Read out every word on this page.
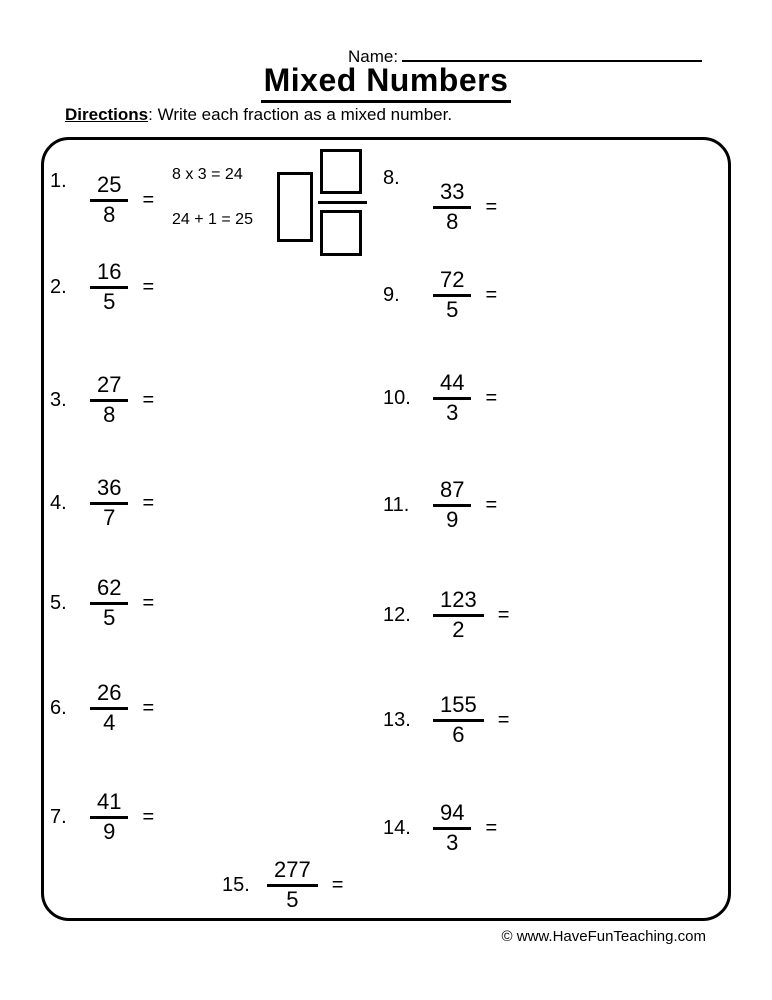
Name:
Mixed Numbers
Directions: Write each fraction as a mixed number.
8 x 3 = 24
24 + 1 = 25
1.	$\frac{25}{8}$ =
2.	$\frac{16}{5}$ =
3.	$\frac{27}{8}$ =
4.	$\frac{36}{7}$ =
5.	$\frac{62}{5}$ =
6.	$\frac{26}{4}$ =
7.	$\frac{41}{9}$ =
8.
$\frac{33}{8}$ =
9.	$\frac{72}{5}$ =
10.	$\frac{44}{3}$ =
11.	$\frac{87}{9}$ =
12.	$\frac{123}{2}$ =
13.	$\frac{155}{6}$ =
14.	$\frac{94}{3}$ =
15. $\frac{277}{5}$ =
© www.HaveFunTeaching.com
